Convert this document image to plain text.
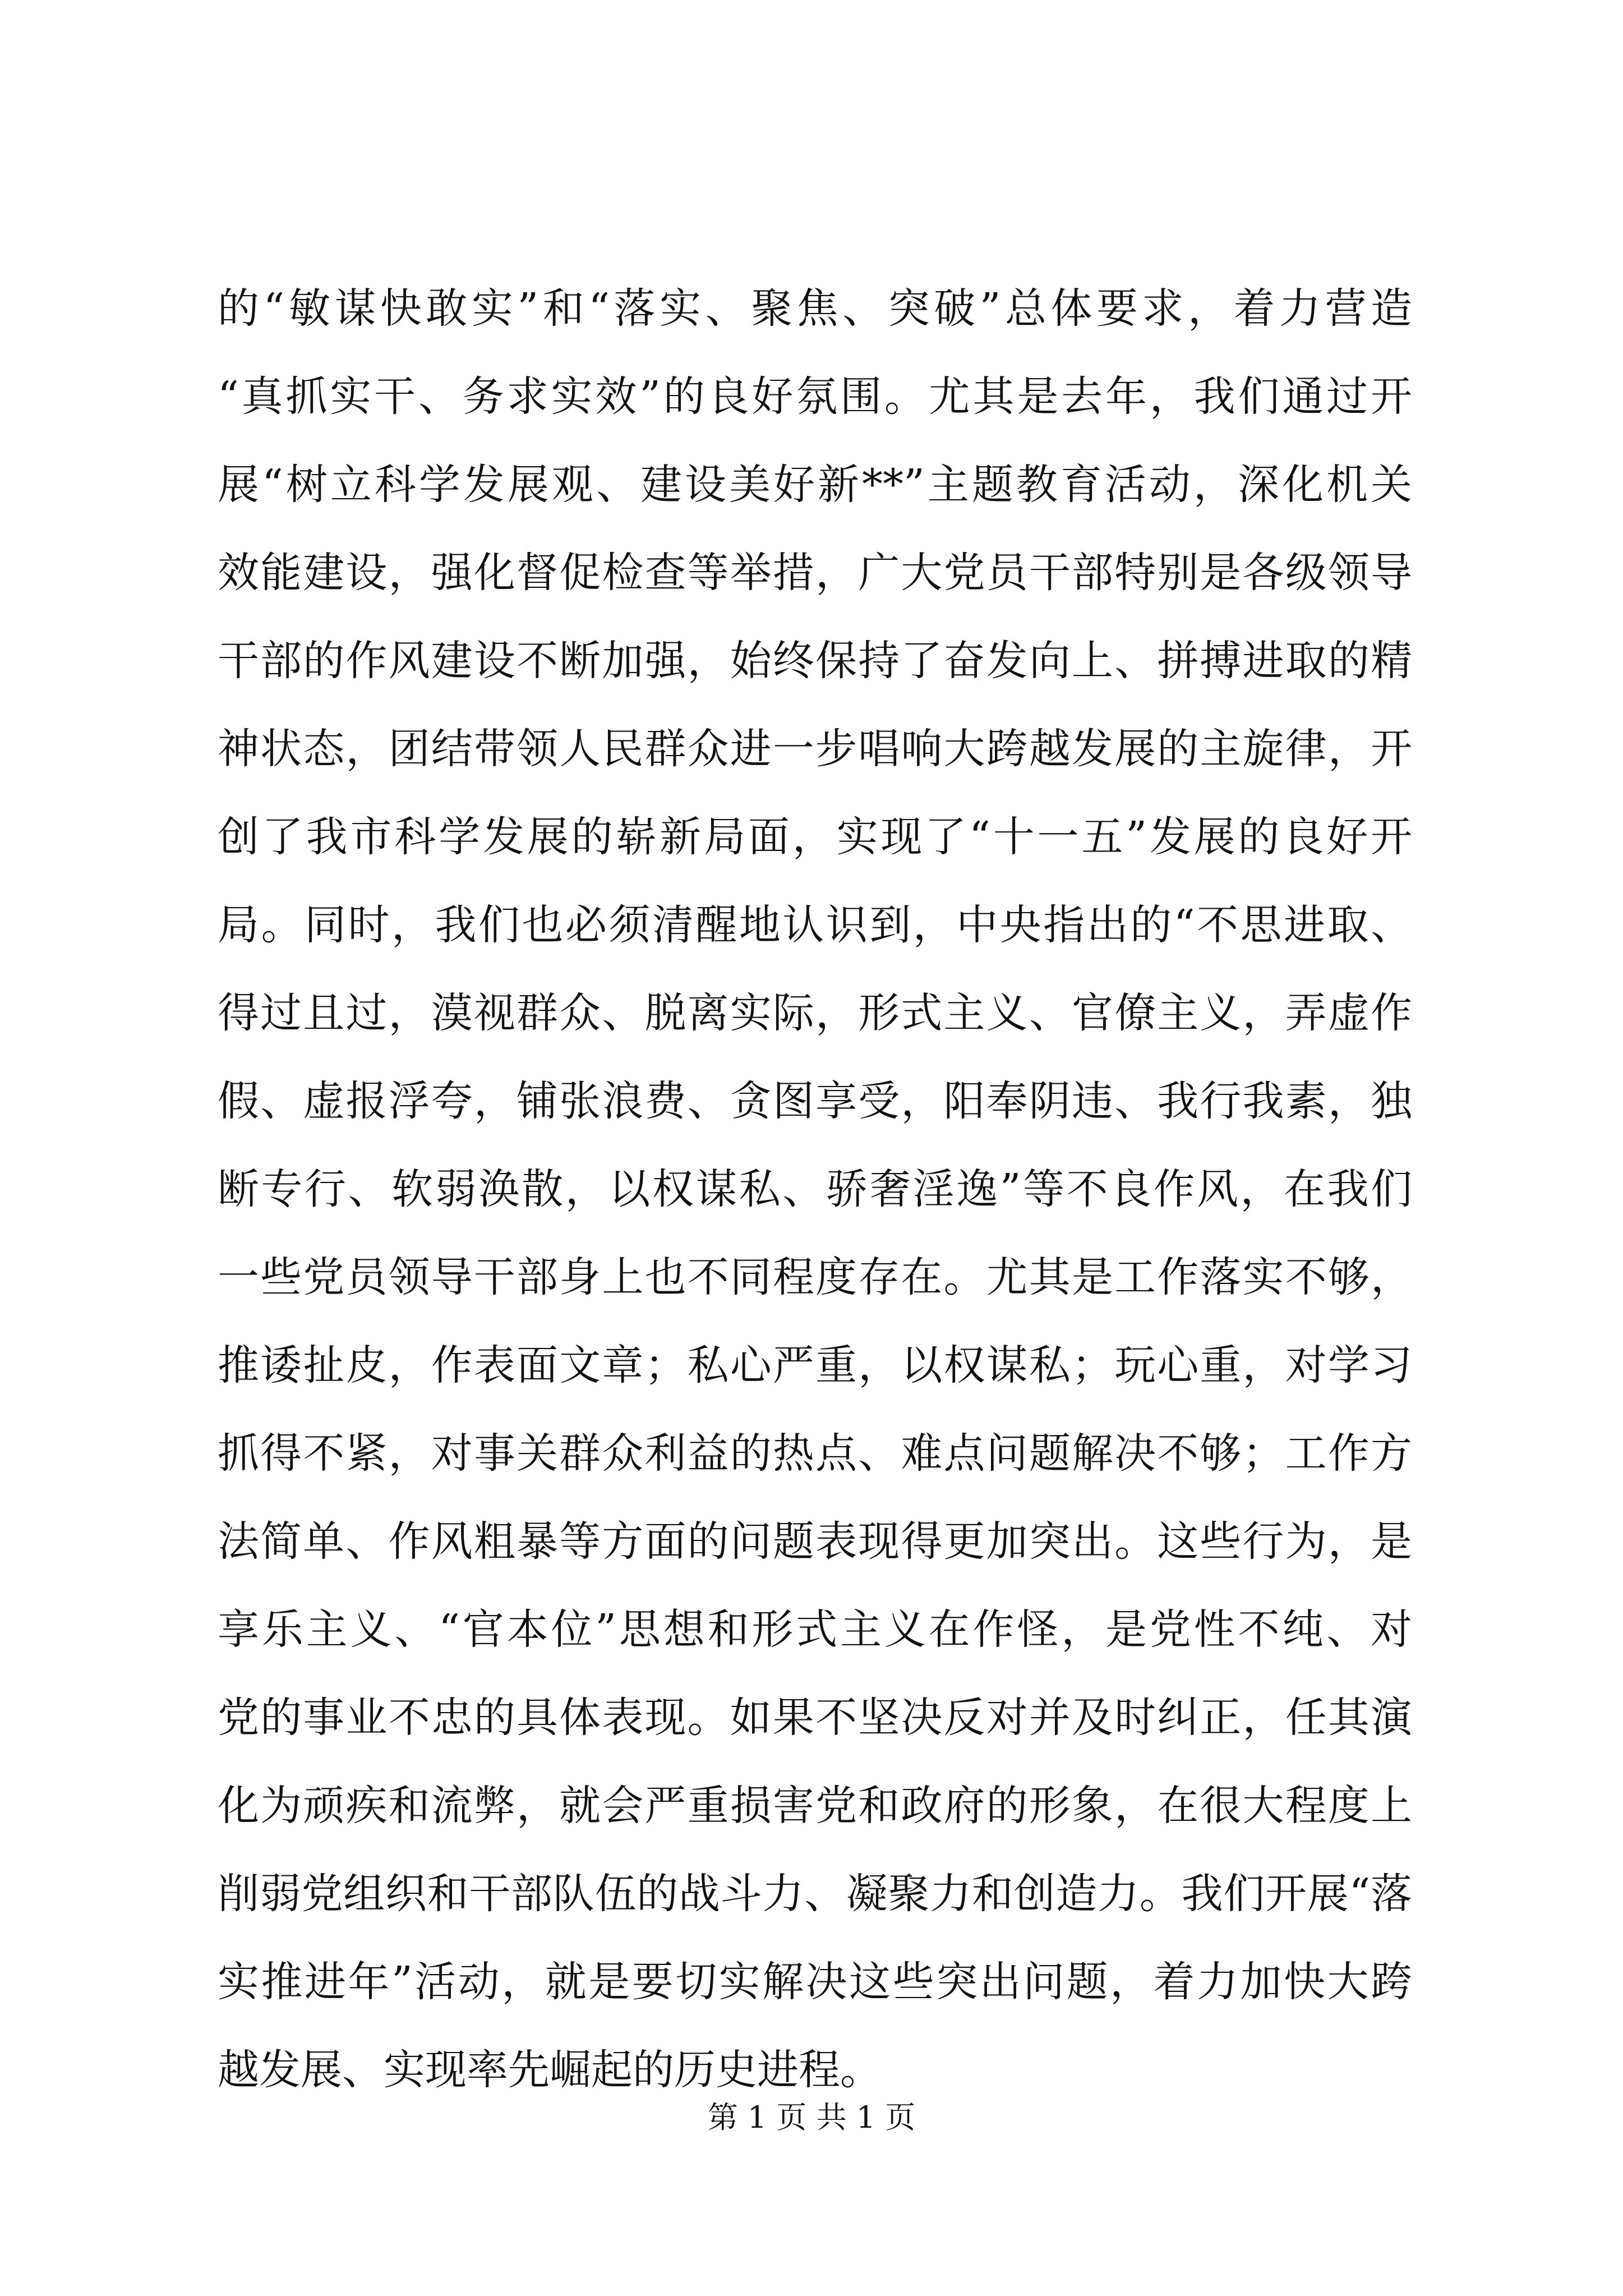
的“敏谋快敢实”和“落实、聚焦、突破”总体要求，着力营造
“真抓实干、务求实效”的良好氛围。尤其是去年，我们通过开
展“树立科学发展观、建设美好新**”主题教育活动，深化机关
效能建设，强化督促检查等举措，广大党员干部特别是各级领导
干部的作风建设不断加强，始终保持了奋发向上、拼搏进取的精
神状态，团结带领人民群众进一步唱响大跨越发展的主旋律，开
创了我市科学发展的崭新局面，实现了“十一五”发展的良好开
局。同时，我们也必须清醒地认识到，中央指出的“不思进取、
得过且过，漠视群众、脱离实际，形式主义、官僚主义，弄虚作
假、虚报浮夸，铺张浪费、贪图享受，阳奉阴违、我行我素，独
断专行、软弱涣散，以权谋私、骄奢淫逸”等不良作风，在我们
一些党员领导干部身上也不同程度存在。尤其是工作落实不够，
推诿扯皮，作表面文章；私心严重，以权谋私；玩心重，对学习
抓得不紧，对事关群众利益的热点、难点问题解决不够；工作方
法简单、作风粗暴等方面的问题表现得更加突出。这些行为，是
享乐主义、“官本位”思想和形式主义在作怪，是党性不纯、对
党的事业不忠的具体表现。如果不坚决反对并及时纠正，任其演
化为顽疾和流弊，就会严重损害党和政府的形象，在很大程度上
削弱党组织和干部队伍的战斗力、凝聚力和创造力。我们开展“落
实推进年”活动，就是要切实解决这些突出问题，着力加快大跨
越发展、实现率先崛起的历史进程。
第 1 页 共 1 页
